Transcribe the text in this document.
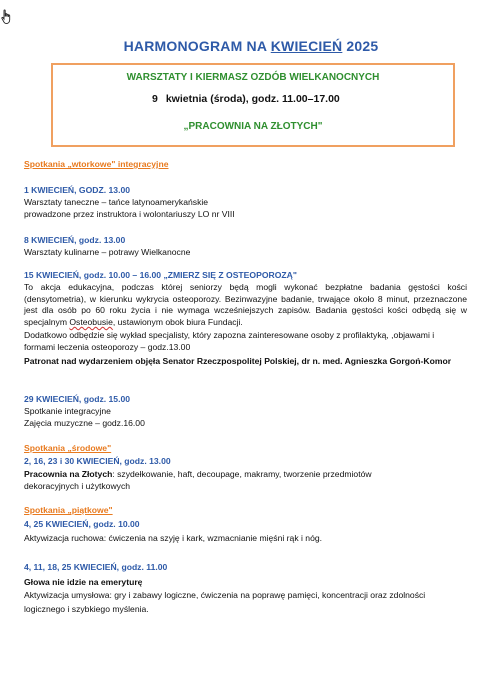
HARMONOGRAM NA KWIECIEŃ 2025
WARSZTATY I KIERMASZ OZDÓB WIELKANOCNYCH
9 kwietnia (środa), godz. 11.00–17.00
„PRACOWNIA NA ZŁOTYCH"
Spotkania „wtorkowe" integracyjne
1 KWIECIEŃ, GODZ. 13.00
Warsztaty taneczne – tańce latynoamerykańskie
prowadzone przez instruktora i wolontariuszy LO nr VIII
8 KWIECIEŃ, godz. 13.00
Warsztaty kulinarne – potrawy Wielkanocne
15 KWIECIEŃ, godz. 10.00 – 16.00 „ZMIERZ SIĘ Z OSTEOPOROZĄ"
To akcja edukacyjna, podczas której seniorzy będą mogli wykonać bezpłatne badania gęstości kości (densytometria), w kierunku wykrycia osteoporozy. Bezinwazyjne badanie, trwające około 8 minut, przeznaczone jest dla osób po 60 roku życia i nie wymaga wcześniejszych zapisów. Badania gęstości kości odbędą się w specjalnym Osteobusie, ustawionym obok biura Fundacji.
Dodatkowo odbędzie się wykład specjalisty, który zapozna zainteresowane osoby z profilaktyką, ,objawami i formami leczenia osteoporozy – godz.13.00
Patronat nad wydarzeniem objęła Senator Rzeczpospolitej Polskiej, dr n. med. Agnieszka Gorgoń-Komor
29 KWIECIEŃ, godz. 15.00
Spotkanie integracyjne
Zajęcia muzyczne – godz.16.00
Spotkania „środowe"
2, 16, 23 i 30 KWIECIEŃ, godz. 13.00
Pracownia na Złotych: szydełkowanie, haft, decoupage, makramy, tworzenie przedmiotów
dekoracyjnych i użytkowych
Spotkania „piątkowe"
4, 25 KWIECIEŃ, godz. 10.00
Aktywizacja ruchowa: ćwiczenia na szyję i kark, wzmacnianie mięśni rąk i nóg.
4, 11, 18, 25 KWIECIEŃ, godz. 11.00
Głowa nie idzie na emeryturę
Aktywizacja umysłowa: gry i zabawy logiczne, ćwiczenia na poprawę pamięci, koncentracji oraz zdolności
logicznego i szybkiego myślenia.
